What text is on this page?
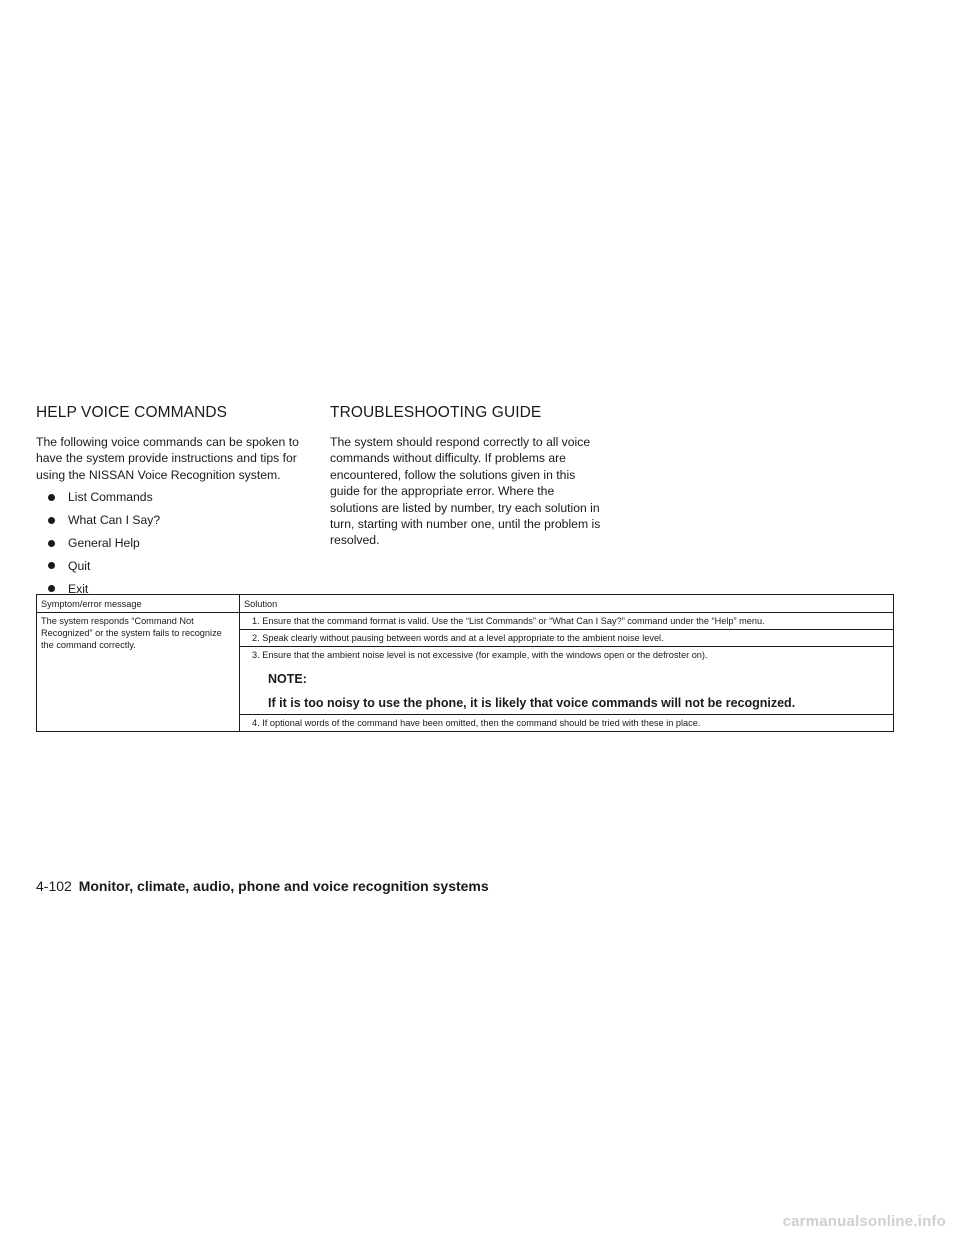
HELP VOICE COMMANDS

The following voice commands can be spoken to have the system provide instructions and tips for using the NISSAN Voice Recognition system.

List Commands
What Can I Say?
General Help
Quit
Exit
TROUBLESHOOTING GUIDE

The system should respond correctly to all voice commands without difficulty. If problems are encountered, follow the solutions given in this guide for the appropriate error. Where the solutions are listed by number, try each solution in turn, starting with number one, until the problem is resolved.

Symptom/error message	Solution
The system responds “Command Not Recognized” or the system fails to recognize the command correctly.	1. Ensure that the command format is valid. Use the “List Commands” or “What Can I Say?” command under the “Help” menu.
	2. Speak clearly without pausing between words and at a level appropriate to the ambient noise level.

	3. Ensure that the ambient noise level is not excessive (for example, with the windows open or the defroster on).
NOTE:
If it is too noisy to use the phone, it is likely that voice commands will not be recognized.

	4. If optional words of the command have been omitted, then the command should be tried with these in place.
4-102 Monitor, climate, audio, phone and voice recognition systems
carmanualsonline.info
